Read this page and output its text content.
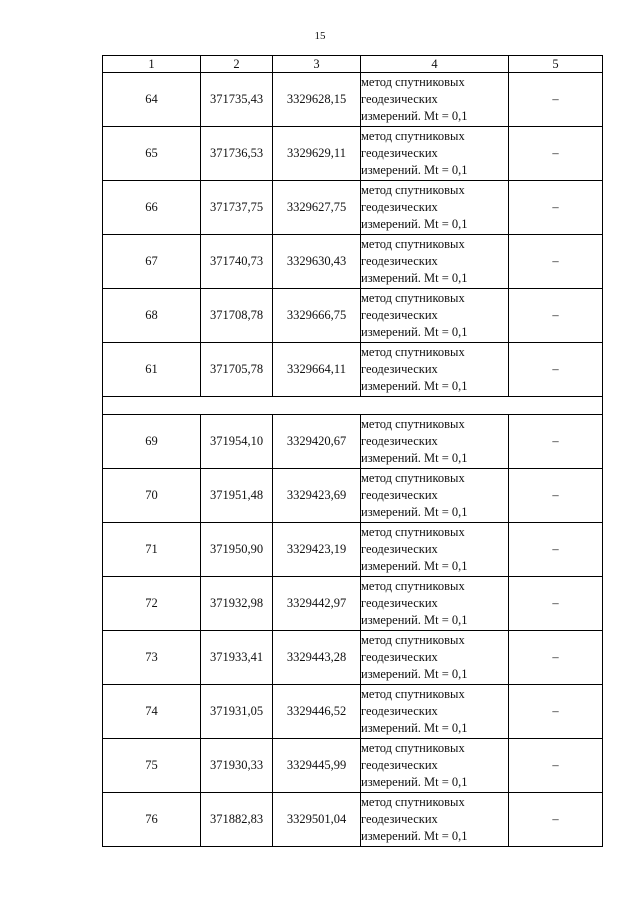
15
1	2	3	4	5
64	371735,43	3329628,15	метод спутниковых
геодезических
измерений. Mt = 0,1	–
65	371736,53	3329629,11	метод спутниковых
геодезических
измерений. Mt = 0,1	–
66	371737,75	3329627,75	метод спутниковых
геодезических
измерений. Mt = 0,1	–
67	371740,73	3329630,43	метод спутниковых
геодезических
измерений. Mt = 0,1	–
68	371708,78	3329666,75	метод спутниковых
геодезических
измерений. Mt = 0,1	–
61	371705,78	3329664,11	метод спутниковых
геодезических
измерений. Mt = 0,1	–

69	371954,10	3329420,67	метод спутниковых
геодезических
измерений. Mt = 0,1	–
70	371951,48	3329423,69	метод спутниковых
геодезических
измерений. Mt = 0,1	–
71	371950,90	3329423,19	метод спутниковых
геодезических
измерений. Mt = 0,1	–
72	371932,98	3329442,97	метод спутниковых
геодезических
измерений. Mt = 0,1	–
73	371933,41	3329443,28	метод спутниковых
геодезических
измерений. Mt = 0,1	–
74	371931,05	3329446,52	метод спутниковых
геодезических
измерений. Mt = 0,1	–
75	371930,33	3329445,99	метод спутниковых
геодезических
измерений. Mt = 0,1	–
76	371882,83	3329501,04	метод спутниковых
геодезических
измерений. Mt = 0,1	–
